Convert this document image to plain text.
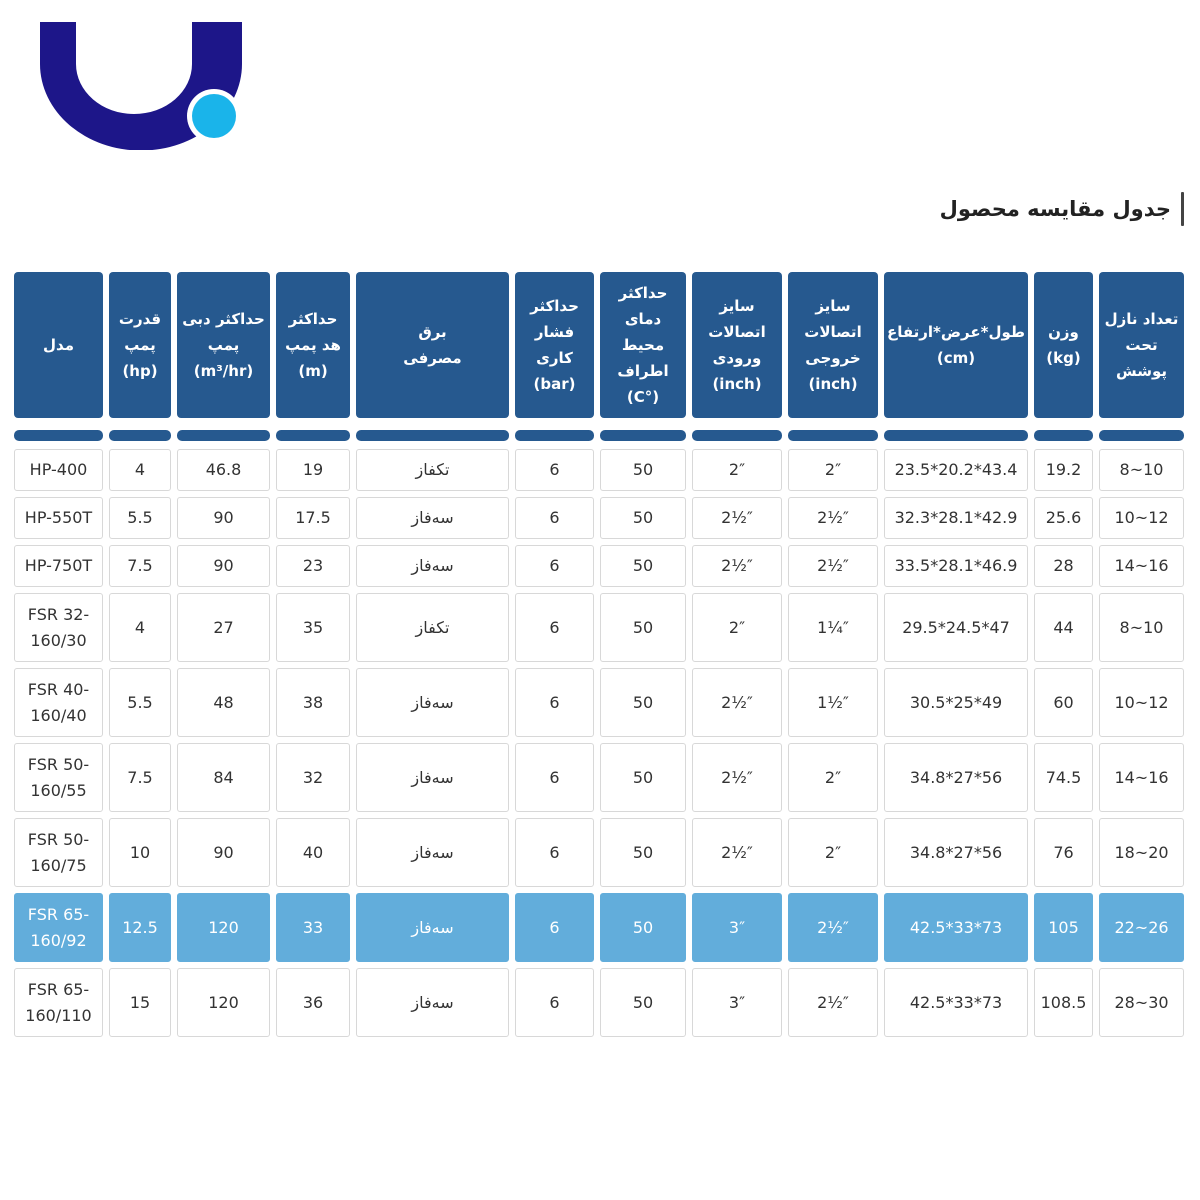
جدول مقایسه محصول
تعداد نازل
تحت
پوشش
وزن
(kg)
طول*عرض*ارتفاع
(cm)
سایز
اتصالات
خروجی
(inch)
سایز
اتصالات
ورودی
(inch)
حداکثر
دمای
محیط
اطراف
(°C)
حداکثر
فشار
کاری
(bar)
برق
مصرفی
حداکثر
هد پمپ
(m)
حداکثر دبی
پمپ
(m³/hr)
قدرت
پمپ
(hp)
مدل
8~10
19.2
23.5*20.2*43.4
2″
2″
50
6
تکفاز
19
46.8
4
HP-400
10~12
25.6
32.3*28.1*42.9
2½″
2½″
50
6
سه‌فاز
17.5
90
5.5
HP-550T
14~16
28
33.5*28.1*46.9
2½″
2½″
50
6
سه‌فاز
23
90
7.5
HP-750T
8~10
44
29.5*24.5*47
1¼″
2″
50
6
تکفاز
35
27
4
FSR 32-
160/30
10~12
60
30.5*25*49
1½″
2½″
50
6
سه‌فاز
38
48
5.5
FSR 40-
160/40
14~16
74.5
34.8*27*56
2″
2½″
50
6
سه‌فاز
32
84
7.5
FSR 50-
160/55
18~20
76
34.8*27*56
2″
2½″
50
6
سه‌فاز
40
90
10
FSR 50-
160/75
22~26
105
42.5*33*73
2½″
3″
50
6
سه‌فاز
33
120
12.5
FSR 65-
160/92
28~30
108.5
42.5*33*73
2½″
3″
50
6
سه‌فاز
36
120
15
FSR 65-
160/110
